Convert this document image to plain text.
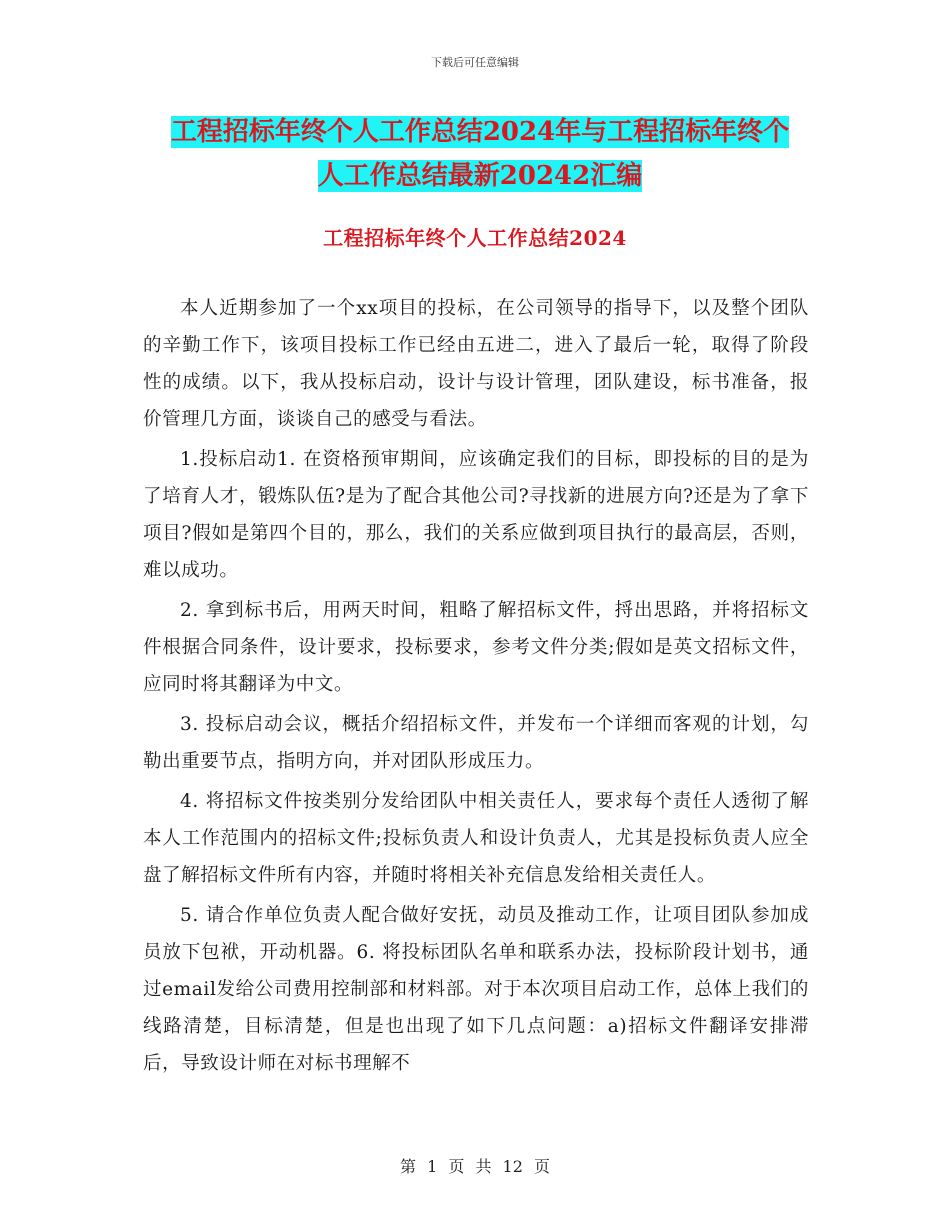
下载后可任意编辑
工程招标年终个人工作总结2024年与工程招标年终个
人工作总结最新20242汇编
工程招标年终个人工作总结2024

本人近期参加了一个xx项目的投标，在公司领导的指导下，以及整个团队的辛勤工作下，该项目投标工作已经由五进二，进入了最后一轮，取得了阶段性的成绩。以下，我从投标启动，设计与设计管理，团队建设，标书准备，报价管理几方面，谈谈自己的感受与看法。

1.投标启动1. 在资格预审期间，应该确定我们的目标，即投标的目的是为了培育人才，锻炼队伍?是为了配合其他公司?寻找新的进展方向?还是为了拿下项目?假如是第四个目的，那么，我们的关系应做到项目执行的最高层，否则，难以成功。

2. 拿到标书后，用两天时间，粗略了解招标文件，捋出思路，并将招标文件根据合同条件，设计要求，投标要求，参考文件分类;假如是英文招标文件，应同时将其翻译为中文。

3. 投标启动会议，概括介绍招标文件，并发布一个详细而客观的计划，勾勒出重要节点，指明方向，并对团队形成压力。

4. 将招标文件按类别分发给团队中相关责任人，要求每个责任人透彻了解本人工作范围内的招标文件;投标负责人和设计负责人，尤其是投标负责人应全盘了解招标文件所有内容，并随时将相关补充信息发给相关责任人。

5. 请合作单位负责人配合做好安抚，动员及推动工作，让项目团队参加成员放下包袱，开动机器。6. 将投标团队名单和联系办法，投标阶段计划书，通过email发给公司费用控制部和材料部。对于本次项目启动工作，总体上我们的线路清楚，目标清楚，但是也出现了如下几点问题：a)招标文件翻译安排滞后，导致设计师在对标书理解不

第 1 页 共 12 页
